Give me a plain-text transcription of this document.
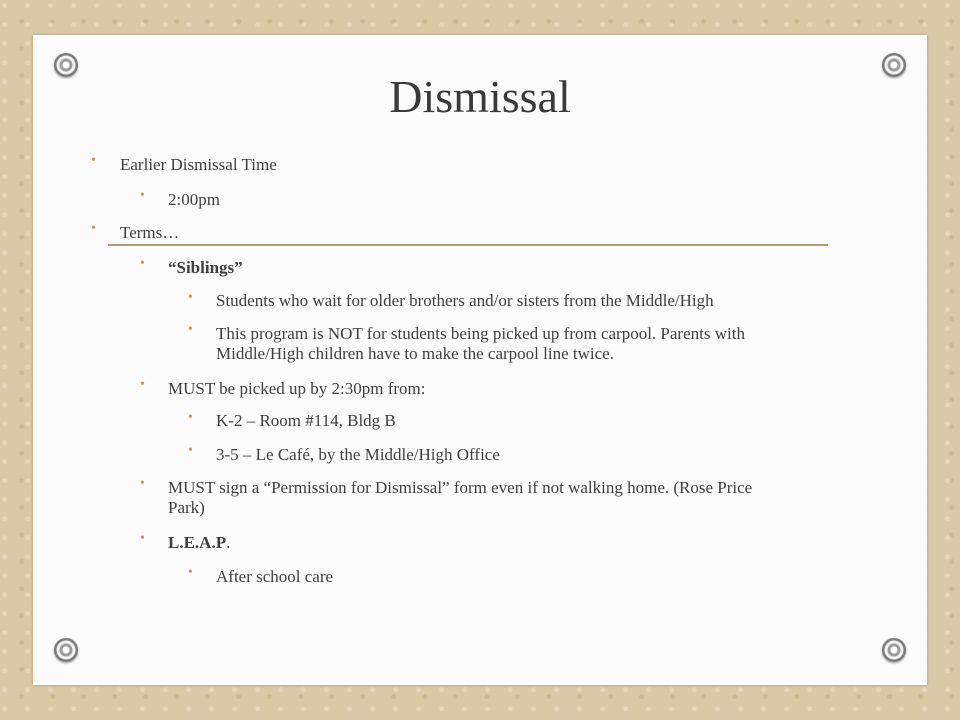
Dismissal
• Earlier Dismissal Time
• 2:00pm
• Terms…
• “Siblings”
• Students who wait for older brothers and/or sisters from the Middle/High
• This program is NOT for students being picked up from carpool. Parents with
Middle/High children have to make the carpool line twice.
• MUST be picked up by 2:30pm from:
• K-2 – Room #114, Bldg B
• 3-5 – Le Café, by the Middle/High Office
• MUST sign a “Permission for Dismissal” form even if not walking home. (Rose Price
Park)
• L.E.A.P.
• After school care
